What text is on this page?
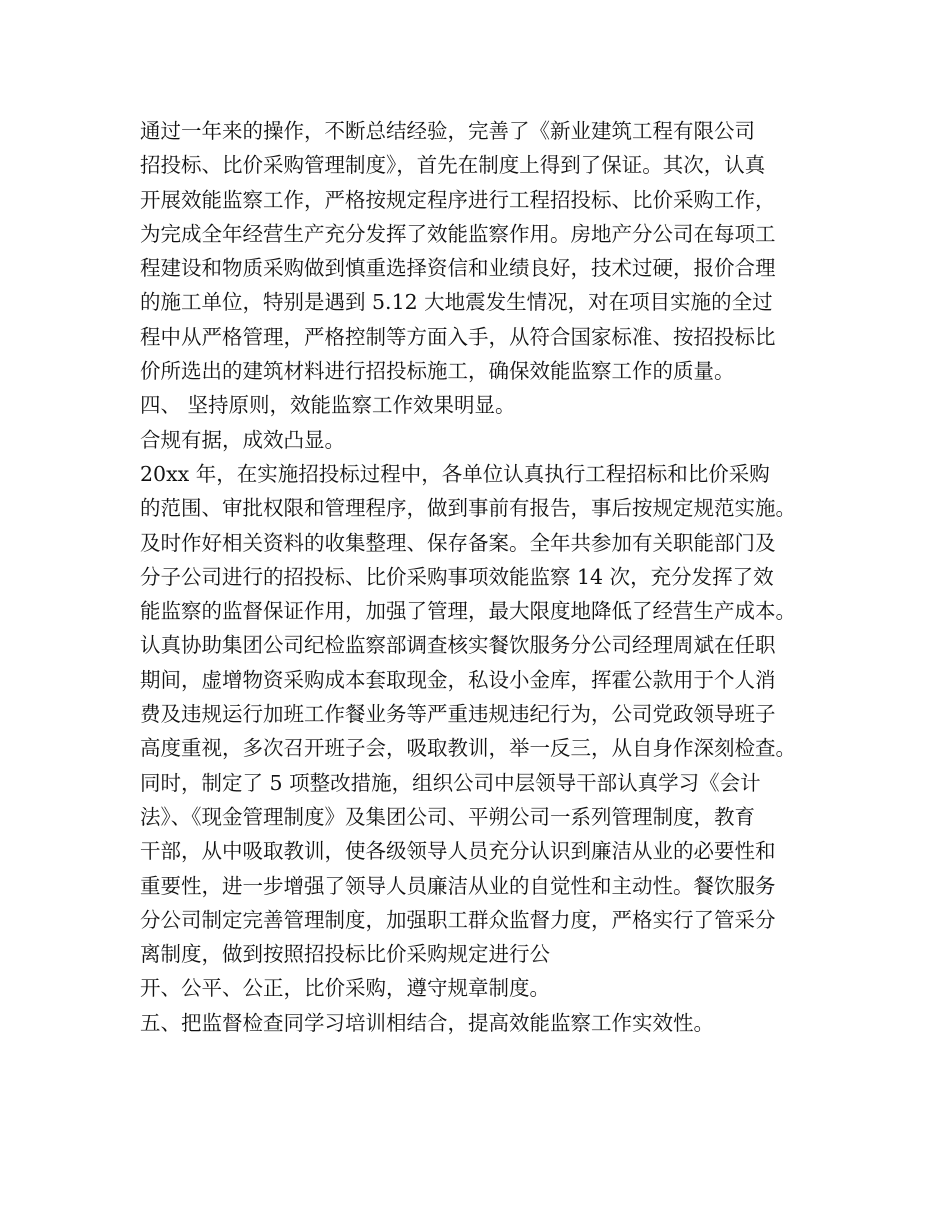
通过一年来的操作，不断总结经验，完善了《新业建筑工程有限公司
招投标、比价采购管理制度》，首先在制度上得到了保证。其次，认真
开展效能监察工作，严格按规定程序进行工程招投标、比价采购工作，
为完成全年经营生产充分发挥了效能监察作用。房地产分公司在每项工
程建设和物质采购做到慎重选择资信和业绩良好，技术过硬，报价合理
的施工单位，特别是遇到 5.12 大地震发生情况，对在项目实施的全过
程中从严格管理，严格控制等方面入手，从符合国家标准、按招投标比
价所选出的建筑材料进行招投标施工，确保效能监察工作的质量。
四、 坚持原则，效能监察工作效果明显。
合规有据，成效凸显。
20xx 年，在实施招投标过程中，各单位认真执行工程招标和比价采购
的范围、审批权限和管理程序，做到事前有报告，事后按规定规范实施。
及时作好相关资料的收集整理、保存备案。全年共参加有关职能部门及
分子公司进行的招投标、比价采购事项效能监察 14 次，充分发挥了效
能监察的监督保证作用，加强了管理，最大限度地降低了经营生产成本。
认真协助集团公司纪检监察部调查核实餐饮服务分公司经理周斌在任职
期间，虚增物资采购成本套取现金，私设小金库，挥霍公款用于个人消
费及违规运行加班工作餐业务等严重违规违纪行为，公司党政领导班子
高度重视，多次召开班子会，吸取教训，举一反三，从自身作深刻检查。
同时，制定了 5 项整改措施，组织公司中层领导干部认真学习《会计
法》、《现金管理制度》及集团公司、平朔公司一系列管理制度，教育
干部，从中吸取教训，使各级领导人员充分认识到廉洁从业的必要性和
重要性，进一步增强了领导人员廉洁从业的自觉性和主动性。餐饮服务
分公司制定完善管理制度，加强职工群众监督力度，严格实行了管采分
离制度，做到按照招投标比价采购规定进行公
开、公平、公正，比价采购，遵守规章制度。
五、把监督检查同学习培训相结合，提高效能监察工作实效性。
